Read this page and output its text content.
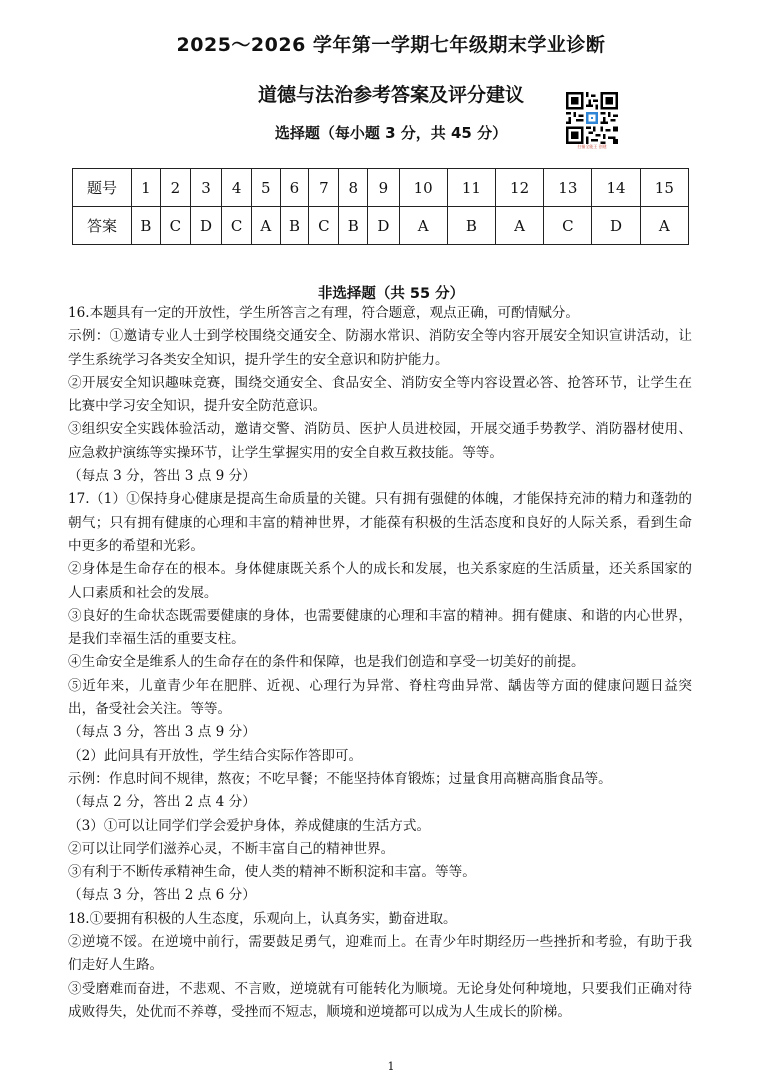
2025～2026 学年第一学期七年级期末学业诊断
道德与法治参考答案及评分建议
扫描全能王 创建
选择题（每小题 3 分，共 45 分）
题号	1	2	3	4	5	6	7	8	9	10	11	12	13	14	15
答案	B	C	D	C	A	B	C	B	D	A	B	A	C	D	A
非选择题（共 55 分）

16.本题具有一定的开放性，学生所答言之有理，符合题意，观点正确，可酌情赋分。

示例：①邀请专业人士到学校围绕交通安全、防溺水常识、消防安全等内容开展安全知识宣讲活动，让学生系统学习各类安全知识，提升学生的安全意识和防护能力。

②开展安全知识趣味竞赛，围绕交通安全、食品安全、消防安全等内容设置必答、抢答环节，让学生在比赛中学习安全知识，提升安全防范意识。

③组织安全实践体验活动，邀请交警、消防员、医护人员进校园，开展交通手势教学、消防器材使用、应急救护演练等实操环节，让学生掌握实用的安全自救互救技能。等等。

（每点 3 分，答出 3 点 9 分）

17.（1）①保持身心健康是提高生命质量的关键。只有拥有强健的体魄，才能保持充沛的精力和蓬勃的朝气；只有拥有健康的心理和丰富的精神世界，才能葆有积极的生活态度和良好的人际关系，看到生命中更多的希望和光彩。

②身体是生命存在的根本。身体健康既关系个人的成长和发展，也关系家庭的生活质量，还关系国家的人口素质和社会的发展。

③良好的生命状态既需要健康的身体，也需要健康的心理和丰富的精神。拥有健康、和谐的内心世界，是我们幸福生活的重要支柱。

④生命安全是维系人的生命存在的条件和保障，也是我们创造和享受一切美好的前提。

⑤近年来，儿童青少年在肥胖、近视、心理行为异常、脊柱弯曲异常、龋齿等方面的健康问题日益突出，备受社会关注。等等。

（每点 3 分，答出 3 点 9 分）

（2）此问具有开放性，学生结合实际作答即可。

示例：作息时间不规律，熬夜；不吃早餐；不能坚持体育锻炼；过量食用高糖高脂食品等。

（每点 2 分，答出 2 点 4 分）

（3）①可以让同学们学会爱护身体，养成健康的生活方式。

②可以让同学们滋养心灵，不断丰富自己的精神世界。

③有利于不断传承精神生命，使人类的精神不断积淀和丰富。等等。

（每点 3 分，答出 2 点 6 分）

18.①要拥有积极的人生态度，乐观向上，认真务实，勤奋进取。

②逆境不馁。在逆境中前行，需要鼓足勇气，迎难而上。在青少年时期经历一些挫折和考验，有助于我们走好人生路。

③受磨难而奋进，不悲观、不言败，逆境就有可能转化为顺境。无论身处何种境地，只要我们正确对待成败得失，处优而不养尊，受挫而不短志，顺境和逆境都可以成为人生成长的阶梯。

1
